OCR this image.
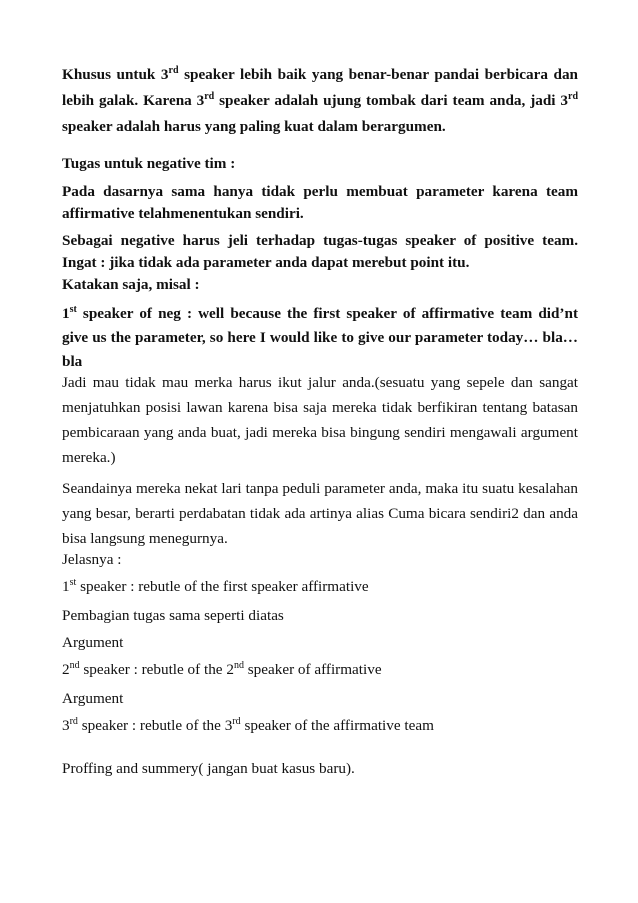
Khusus untuk 3rd speaker lebih baik yang benar-benar pandai berbicara dan lebih galak. Karena 3rd speaker adalah ujung tombak dari team anda, jadi 3rd speaker adalah harus yang paling kuat dalam berargumen.

Tugas untuk negative tim :

Pada dasarnya sama hanya tidak perlu membuat parameter karena team affirmative telahmenentukan sendiri.

Sebagai negative harus jeli terhadap tugas-tugas speaker of positive team. Ingat : jika tidak ada parameter anda dapat merebut point itu.

Katakan saja, misal :

1st speaker of neg : well because the first speaker of affirmative team did’nt give us the parameter, so here I would like to give our parameter today… bla… bla

Jadi mau tidak mau merka harus ikut jalur anda.(sesuatu yang sepele dan sangat menjatuhkan posisi lawan karena bisa saja mereka tidak berfikiran tentang batasan pembicaraan yang anda buat, jadi mereka bisa bingung sendiri mengawali argument mereka.)

Seandainya mereka nekat lari tanpa peduli parameter anda, maka itu suatu kesalahan yang besar, berarti perdabatan tidak ada artinya alias Cuma bicara sendiri2 dan anda bisa langsung menegurnya.

Jelasnya :

1st speaker : rebutle of the first speaker affirmative

Pembagian tugas sama seperti diatas

Argument

2nd speaker : rebutle of the 2nd speaker of affirmative

Argument

3rd speaker : rebutle of the 3rd speaker of the affirmative team

Proffing and summery( jangan buat kasus baru).
